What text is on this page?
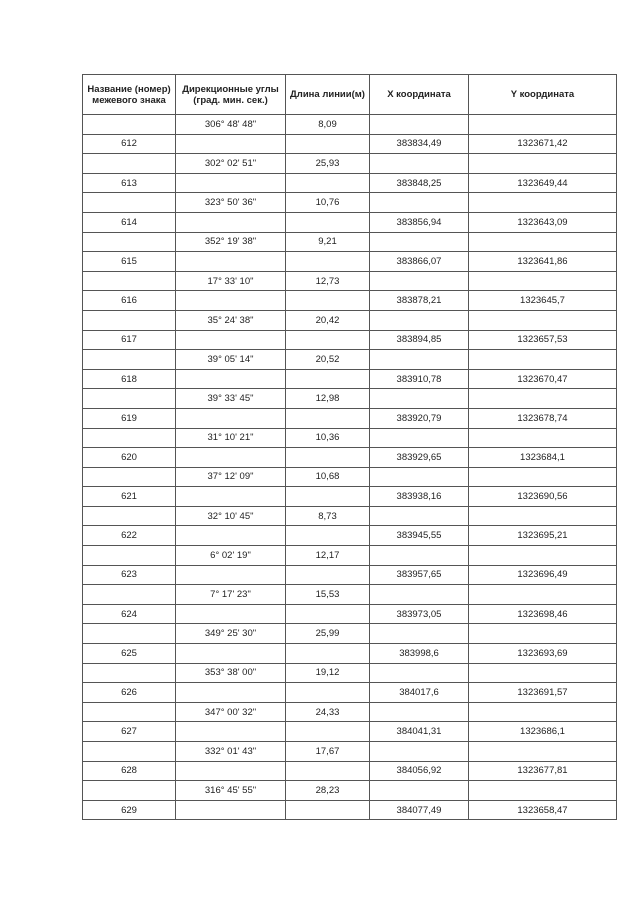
Название (номер) межевого знака	Дирекционные углы (град. мин. сек.)	Длина линии(м)	X координата	Y координата
	306° 48' 48"	8,09		
612			383834,49	1323671,42
	302° 02' 51"	25,93		
613			383848,25	1323649,44
	323° 50' 36"	10,76		
614			383856,94	1323643,09
	352° 19' 38"	9,21		
615			383866,07	1323641,86
	17° 33' 10"	12,73		
616			383878,21	1323645,7
	35° 24' 38"	20,42		
617			383894,85	1323657,53
	39° 05' 14"	20,52		
618			383910,78	1323670,47
	39° 33' 45"	12,98		
619			383920,79	1323678,74
	31° 10' 21"	10,36		
620			383929,65	1323684,1
	37° 12' 09"	10,68		
621			383938,16	1323690,56
	32° 10' 45"	8,73		
622			383945,55	1323695,21
	6° 02' 19"	12,17		
623			383957,65	1323696,49
	7° 17' 23"	15,53		
624			383973,05	1323698,46
	349° 25' 30"	25,99		
625			383998,6	1323693,69
	353° 38' 00"	19,12		
626			384017,6	1323691,57
	347° 00' 32"	24,33		
627			384041,31	1323686,1
	332° 01' 43"	17,67		
628			384056,92	1323677,81
	316° 45' 55"	28,23		
629			384077,49	1323658,47
